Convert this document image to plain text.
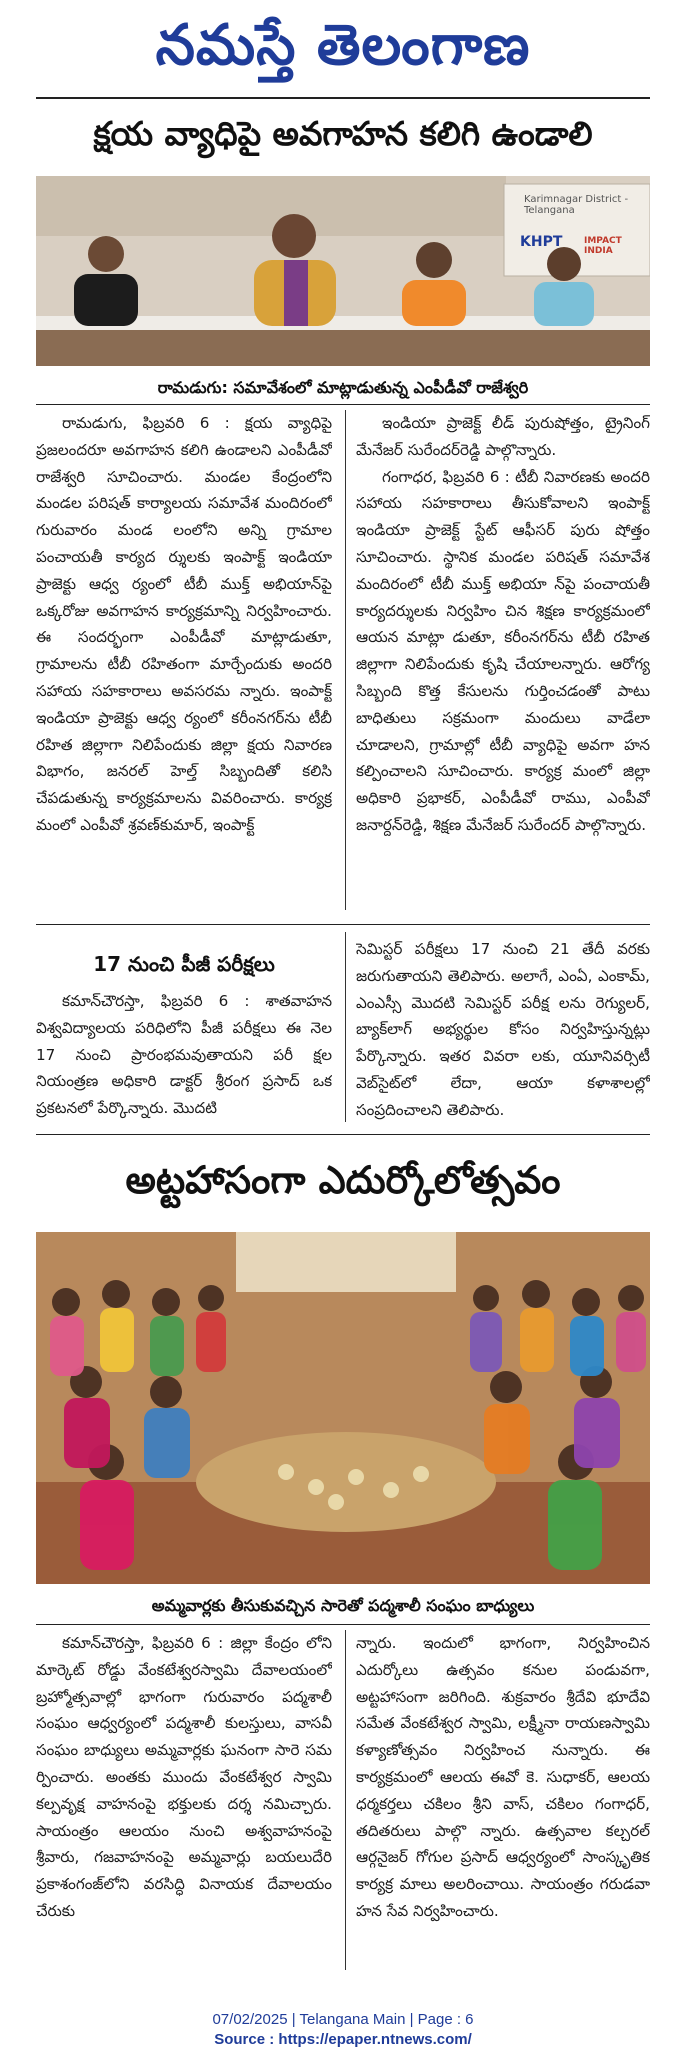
నమస్తే తెలంగాణ
క్షయ వ్యాధిపై అవగాహన కలిగి ఉండాలి
Karimnagar District - Telangana
KHPT IMPACT INDIA
రామడుగు: సమావేశంలో మాట్లాడుతున్న ఎంపీడీవో రాజేశ్వరి

రామడుగు, ఫిబ్రవరి 6 : క్షయ వ్యాధిపై ప్రజలందరూ అవగాహన కలిగి ఉండాలని ఎంపీడీవో రాజేశ్వరి సూచించారు. మండల కేంద్రంలోని మండల పరిషత్ కార్యాలయ సమావేశ మందిరంలో గురువారం మండ లంలోని అన్ని గ్రామాల పంచాయతీ కార్యద ర్శులకు ఇంపాక్ట్ ఇండియా ప్రాజెక్టు ఆధ్వ ర్యంలో టీబీ ముక్త్ అభియాన్‌పై ఒక్కరోజు అవగాహన కార్యక్రమాన్ని నిర్వహించారు. ఈ సందర్భంగా ఎంపీడీవో మాట్లాడుతూ, గ్రామాలను టీబీ రహితంగా మార్చేందుకు అందరి సహాయ సహకారాలు అవసరమ న్నారు. ఇంపాక్ట్ ఇండియా ప్రాజెక్టు ఆధ్వ ర్యంలో కరీంనగర్‌ను టీబీ రహిత జిల్లాగా నిలిపేందుకు జిల్లా క్షయ నివారణ విభాగం, జనరల్ హెల్త్ సిబ్బందితో కలిసి చేపడుతున్న కార్యక్రమాలను వివరించారు. కార్యక్ర మంలో ఎంపీవో శ్రవణ్‌కుమార్, ఇంపాక్ట్

ఇండియా ప్రాజెక్ట్ లీడ్ పురుషోత్తం, ట్రైనింగ్ మేనేజర్ సురేందర్‌రెడ్డి పాల్గొన్నారు.

గంగాధర, ఫిబ్రవరి 6 : టీబీ నివారణకు అందరి సహాయ సహకారాలు తీసుకోవాలని ఇంపాక్ట్ ఇండియా ప్రాజెక్ట్ స్టేట్ ఆఫీసర్ పురు షోత్తం సూచించారు. స్థానిక మండల పరిషత్ సమావేశ మందిరంలో టీబీ ముక్త్ అభియా న్‌పై పంచాయతీ కార్యదర్శులకు నిర్వహిం చిన శిక్షణ కార్యక్రమంలో ఆయన మాట్లా డుతూ, కరీంనగర్‌ను టీబీ రహిత జిల్లాగా నిలిపేందుకు కృషి చేయాలన్నారు. ఆరోగ్య సిబ్బంది కొత్త కేసులను గుర్తించడంతో పాటు బాధితులు సక్రమంగా మందులు వాడేలా చూడాలని, గ్రామాల్లో టీబీ వ్యాధిపై అవగా హన కల్పించాలని సూచించారు. కార్యక్ర మంలో జిల్లా అధికారి ప్రభాకర్, ఎంపీడీవో రాము, ఎంపీవో జనార్దన్‌రెడ్డి, శిక్షణ మేనేజర్ సురేందర్ పాల్గొన్నారు.

17 నుంచి పీజీ పరీక్షలు

కమాన్‌చౌరస్తా, ఫిబ్రవరి 6 : శాతవాహన విశ్వవిద్యాలయ పరిధిలోని పీజీ పరీక్షలు ఈ నెల 17 నుంచి ప్రారంభమవుతాయని పరీ క్షల నియంత్రణ అధికారి డాక్టర్ శ్రీరంగ ప్రసాద్ ఒక ప్రకటనలో పేర్కొన్నారు. మొదటి

సెమిస్టర్ పరీక్షలు 17 నుంచి 21 తేదీ వరకు జరుగుతాయని తెలిపారు. అలాగే, ఎంఏ, ఎంకామ్, ఎంఎస్సీ మొదటి సెమిస్టర్ పరీక్ష లను రెగ్యులర్, బ్యాక్‌లాగ్ అభ్యర్థుల కోసం నిర్వహిస్తున్నట్లు పేర్కొన్నారు. ఇతర వివరా లకు, యూనివర్సిటీ వెబ్‌సైట్‌లో లేదా, ఆయా కళాశాలల్లో సంప్రదించాలని తెలిపారు.

అట్టహాసంగా ఎదుర్కోలోత్సవం
అమ్మవార్లకు తీసుకువచ్చిన సారెతో పద్మశాలీ సంఘం బాధ్యులు

కమాన్‌చౌరస్తా, ఫిబ్రవరి 6 : జిల్లా కేంద్రం లోని మార్కెట్ రోడ్డు వేంకటేశ్వరస్వామి దేవాలయంలో బ్రహ్మోత్సవాల్లో భాగంగా గురువారం పద్మశాలీ సంఘం ఆధ్వర్యంలో పద్మశాలీ కులస్తులు, వాసవీ సంఘం బాధ్యులు అమ్మవార్లకు ఘనంగా సారె సమ ర్పించారు. అంతకు ముందు వేంకటేశ్వర స్వామి కల్పవృక్ష వాహనంపై భక్తులకు దర్శ నమిచ్చారు. సాయంత్రం ఆలయం నుంచి అశ్వవాహనంపై శ్రీవారు, గజవాహనంపై అమ్మవార్లు బయలుదేరి ప్రకాశంగంజ్‌లోని వరసిద్ధి వినాయక దేవాలయం చేరుకు

న్నారు. ఇందులో భాగంగా, నిర్వహించిన ఎదుర్కోలు ఉత్సవం కనుల పండువగా, అట్టహాసంగా జరిగింది. శుక్రవారం శ్రీదేవి భూదేవి సమేత వేంకటేశ్వర స్వామి, లక్ష్మీనా రాయణస్వామి కళ్యాణోత్సవం నిర్వహించ నున్నారు. ఈ కార్యక్రమంలో ఆలయ ఈవో కె. సుధాకర్, ఆలయ ధర్మకర్తలు చకిలం శ్రీని వాస్, చకిలం గంగాధర్, తదితరులు పాల్గొ న్నారు. ఉత్సవాల కల్చరల్ ఆర్గనైజర్ గోగుల ప్రసాద్ ఆధ్వర్యంలో సాంస్కృతిక కార్యక్ర మాలు అలరించాయి. సాయంత్రం గరుడవా హన సేవ నిర్వహించారు.

07/02/2025 | Telangana Main | Page : 6
Source : https://epaper.ntnews.com/
